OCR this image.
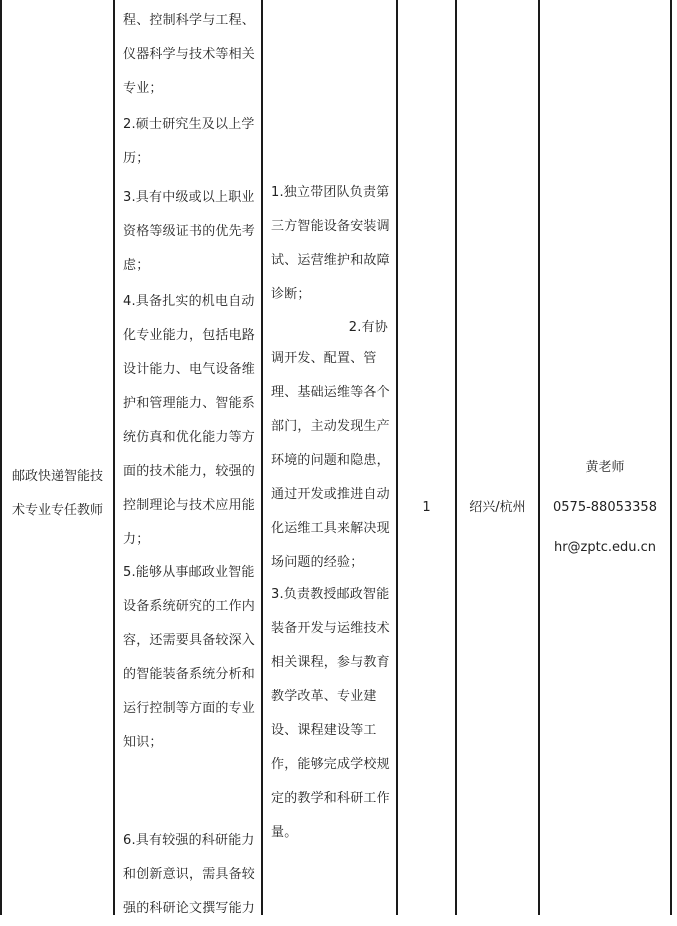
邮政快递智能技
术专业专任教师
程、控制科学与工程、
仪器科学与技术等相关
专业；
2.硕士研究生及以上学
历；
3.具有中级或以上职业
资格等级证书的优先考
虑；
4.具备扎实的机电自动
化专业能力，包括电路
设计能力、电气设备维
护和管理能力、智能系
统仿真和优化能力等方
面的技术能力，较强的
控制理论与技术应用能
力；
5.能够从事邮政业智能
设备系统研究的工作内
容，还需要具备较深入
的智能装备系统分析和
运行控制等方面的专业
知识；
6.具有较强的科研能力
和创新意识，需具备较
强的科研论文撰写能力
1.独立带团队负责第
三方智能设备安装调
试、运营维护和故障
诊断；
2.有协
调开发、配置、管
理、基础运维等各个
部门，主动发现生产
环境的问题和隐患，
通过开发或推进自动
化运维工具来解决现
场问题的经验；
3.负责教授邮政智能
装备开发与运维技术
相关课程，参与教育
教学改革、专业建
设、课程建设等工
作，能够完成学校规
定的教学和科研工作
量。
1	绍兴/杭州
黄老师
0575-88053358
hr@zptc.edu.cn
